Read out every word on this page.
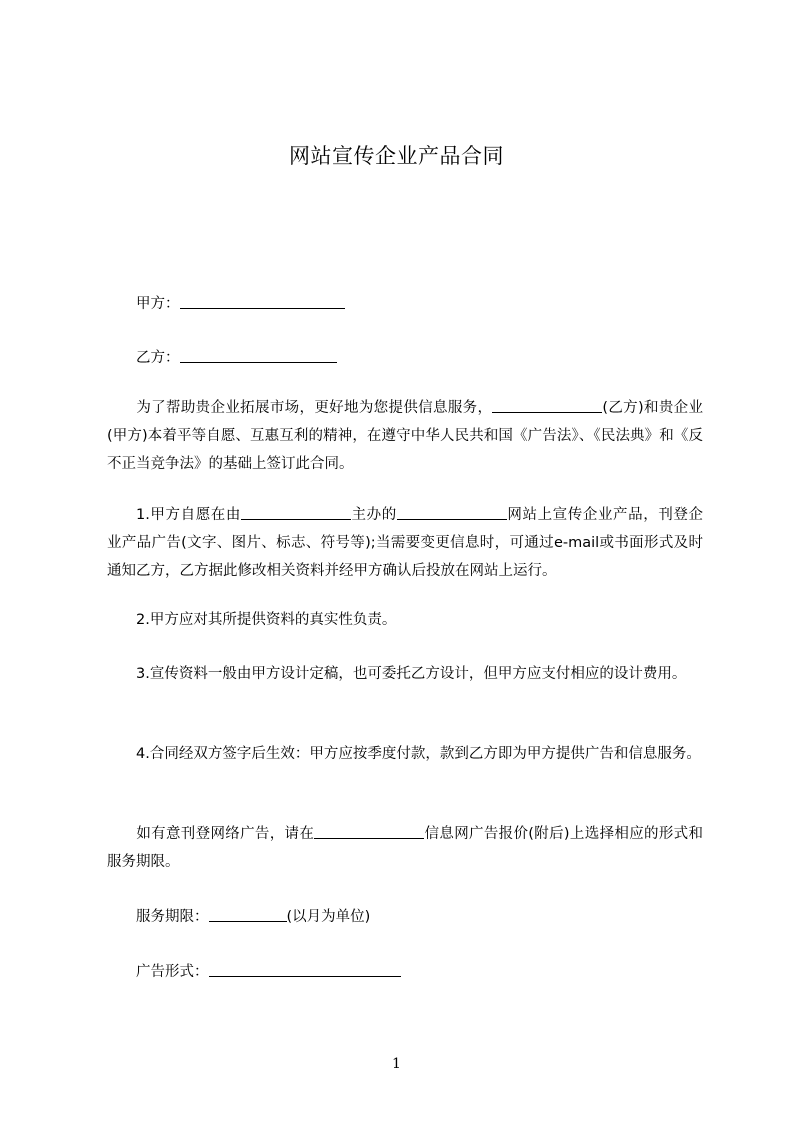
网站宣传企业产品合同
甲方：
乙方：
为了帮助贵企业拓展市场，更好地为您提供信息服务，	(乙方)和贵企业(甲方)本着平等自愿、互惠互利的精神，在遵守中华人民共和国《广告法》、《民法典》和《反不正当竞争法》的基础上签订此合同。
1.甲方自愿在由	主办的	网站上宣传企业产品，刊登企业产品广告(文字、图片、标志、符号等);当需要变更信息时，可通过e-mail或书面形式及时通知乙方，乙方据此修改相关资料并经甲方确认后投放在网站上运行。
2.甲方应对其所提供资料的真实性负责。
3.宣传资料一般由甲方设计定稿，也可委托乙方设计，但甲方应支付相应的设计费用。
4.合同经双方签字后生效：甲方应按季度付款，款到乙方即为甲方提供广告和信息服务。
如有意刊登网络广告，请在	信息网广告报价(附后)上选择相应的形式和服务期限。
服务期限：	(以月为单位)
广告形式：
1
